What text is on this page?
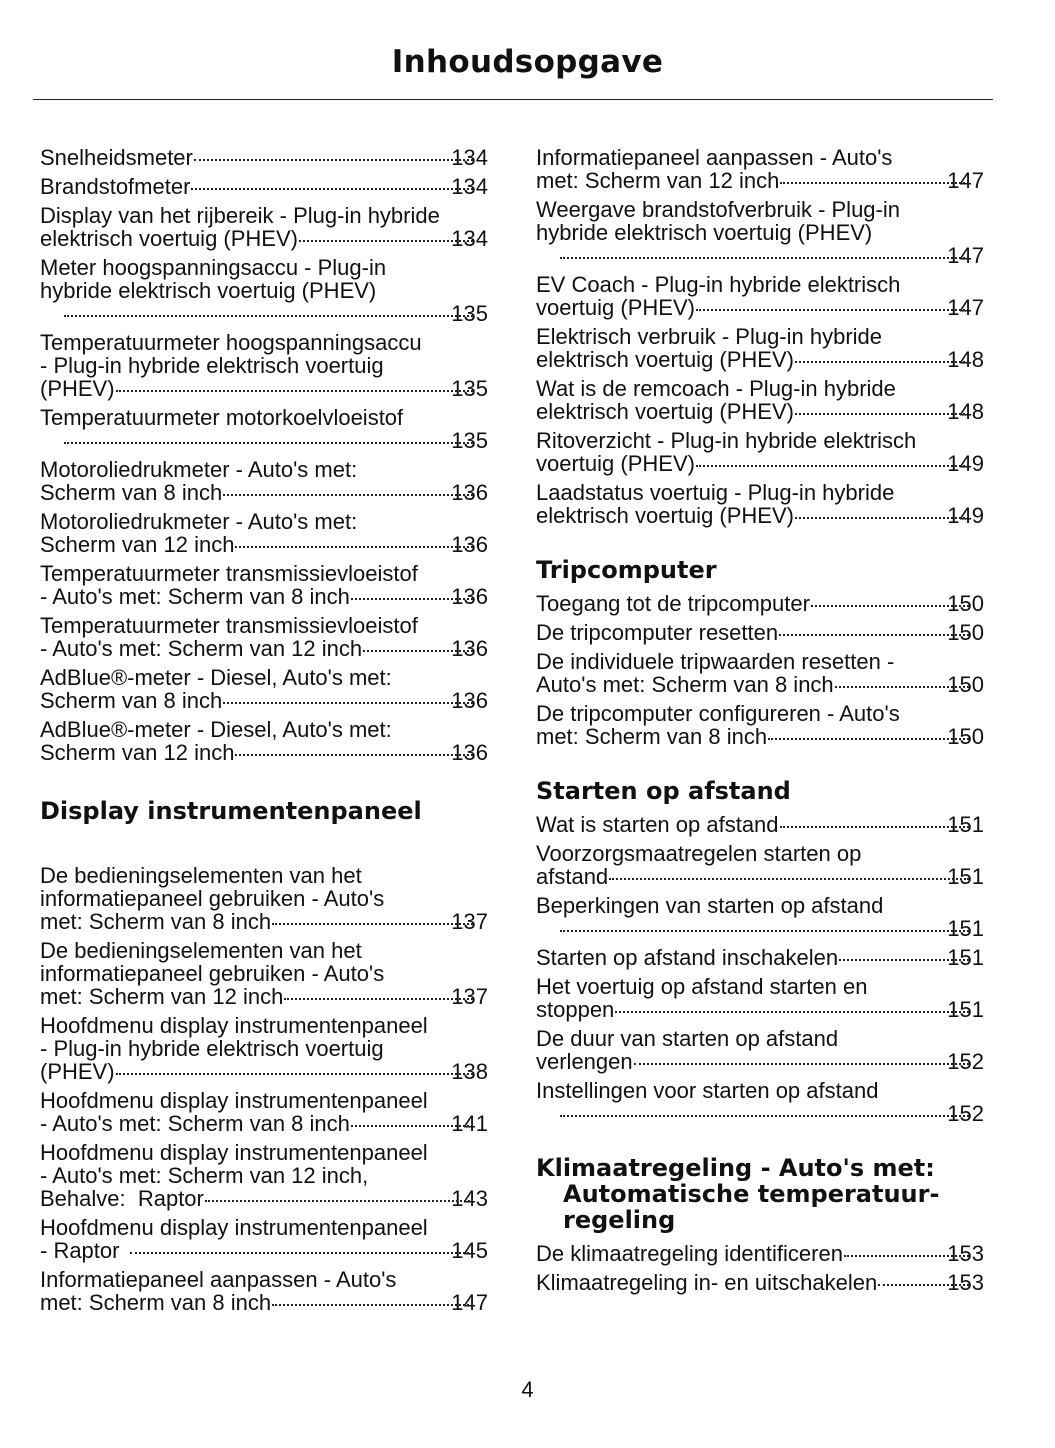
Inhoudsopgave
Snelheidsmeter	134
Brandstofmeter	134
Display van het rijbereik - Plug-in hybride
elektrisch voertuig (PHEV)	134
Meter hoogspanningsaccu - Plug-in
hybride elektrisch voertuig (PHEV)
135
Temperatuurmeter hoogspanningsaccu
- Plug-in hybride elektrisch voertuig
(PHEV)	135
Temperatuurmeter motorkoelvloeistof
135
Motoroliedrukmeter - Auto's met:
Scherm van 8 inch	136
Motoroliedrukmeter - Auto's met:
Scherm van 12 inch	136
Temperatuurmeter transmissievloeistof
- Auto's met: Scherm van 8 inch	136
Temperatuurmeter transmissievloeistof
- Auto's met: Scherm van 12 inch	136
AdBlue®-meter - Diesel, Auto's met:
Scherm van 8 inch	136
AdBlue®-meter - Diesel, Auto's met:
Scherm van 12 inch	136
Display instrumentenpaneel
De bedieningselementen van het
informatiepaneel gebruiken - Auto's
met: Scherm van 8 inch	137
De bedieningselementen van het
informatiepaneel gebruiken - Auto's
met: Scherm van 12 inch	137
Hoofdmenu display instrumentenpaneel
- Plug-in hybride elektrisch voertuig
(PHEV)	138
Hoofdmenu display instrumentenpaneel
- Auto's met: Scherm van 8 inch	141
Hoofdmenu display instrumentenpaneel
- Auto's met: Scherm van 12 inch,
Behalve:  Raptor	143
Hoofdmenu display instrumentenpaneel
- Raptor	145
Informatiepaneel aanpassen - Auto's
met: Scherm van 8 inch	147
Informatiepaneel aanpassen - Auto's
met: Scherm van 12 inch	147
Weergave brandstofverbruik - Plug-in
hybride elektrisch voertuig (PHEV)
147
EV Coach - Plug-in hybride elektrisch
voertuig (PHEV)	147
Elektrisch verbruik - Plug-in hybride
elektrisch voertuig (PHEV)	148
Wat is de remcoach - Plug-in hybride
elektrisch voertuig (PHEV)	148
Ritoverzicht - Plug-in hybride elektrisch
voertuig (PHEV)	149
Laadstatus voertuig - Plug-in hybride
elektrisch voertuig (PHEV)	149
Tripcomputer
Toegang tot de tripcomputer	150
De tripcomputer resetten	150
De individuele tripwaarden resetten -
Auto's met: Scherm van 8 inch	150
De tripcomputer configureren - Auto's
met: Scherm van 8 inch	150
Starten op afstand
Wat is starten op afstand	151
Voorzorgsmaatregelen starten op
afstand	151
Beperkingen van starten op afstand
151
Starten op afstand inschakelen	151
Het voertuig op afstand starten en
stoppen	151
De duur van starten op afstand
verlengen	152
Instellingen voor starten op afstand
152
Klimaatregeling - Auto's met: Automatische temperatuur-regeling
De klimaatregeling identificeren	153
Klimaatregeling in- en uitschakelen	153
4
